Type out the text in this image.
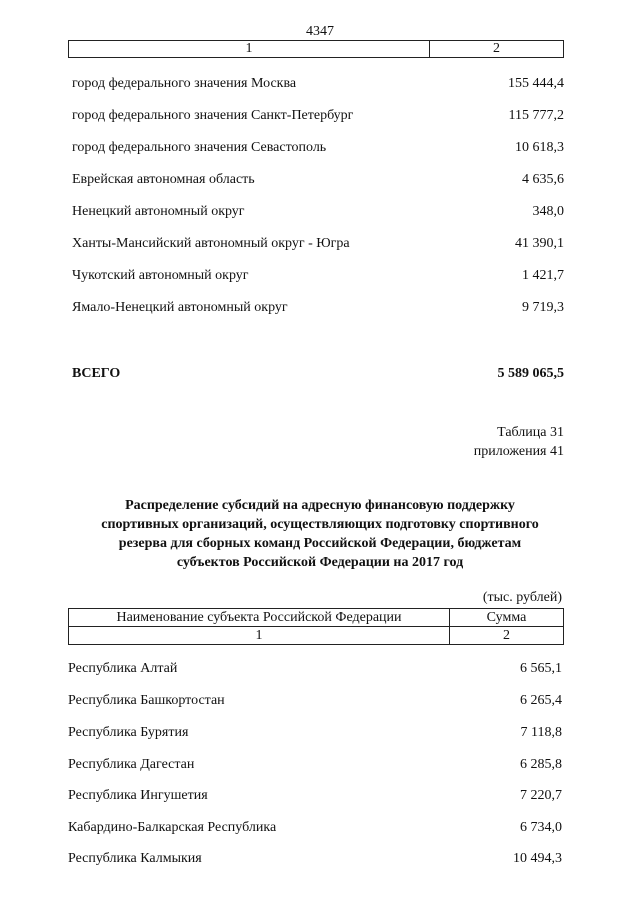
4347
1	2
город федерального значения Москва	155 444,4
город федерального значения Санкт-Петербург	115 777,2
город федерального значения Севастополь	10 618,3
Еврейская автономная область	4 635,6
Ненецкий автономный округ	348,0
Ханты-Мансийский автономный округ - Югра	41 390,1
Чукотский автономный округ	1 421,7
Ямало-Ненецкий автономный округ	9 719,3
ВСЕГО	5 589 065,5
Таблица 31
приложения 41
Распределение субсидий на адресную финансовую поддержку
спортивных организаций, осуществляющих подготовку спортивного
резерва для сборных команд Российской Федерации, бюджетам
субъектов Российской Федерации на 2017 год
(тыс. рублей)
Наименование субъекта Российской Федерации	Сумма
1	2
Республика Алтай	6 565,1
Республика Башкортостан	6 265,4
Республика Бурятия	7 118,8
Республика Дагестан	6 285,8
Республика Ингушетия	7 220,7
Кабардино-Балкарская Республика	6 734,0
Республика Калмыкия	10 494,3
